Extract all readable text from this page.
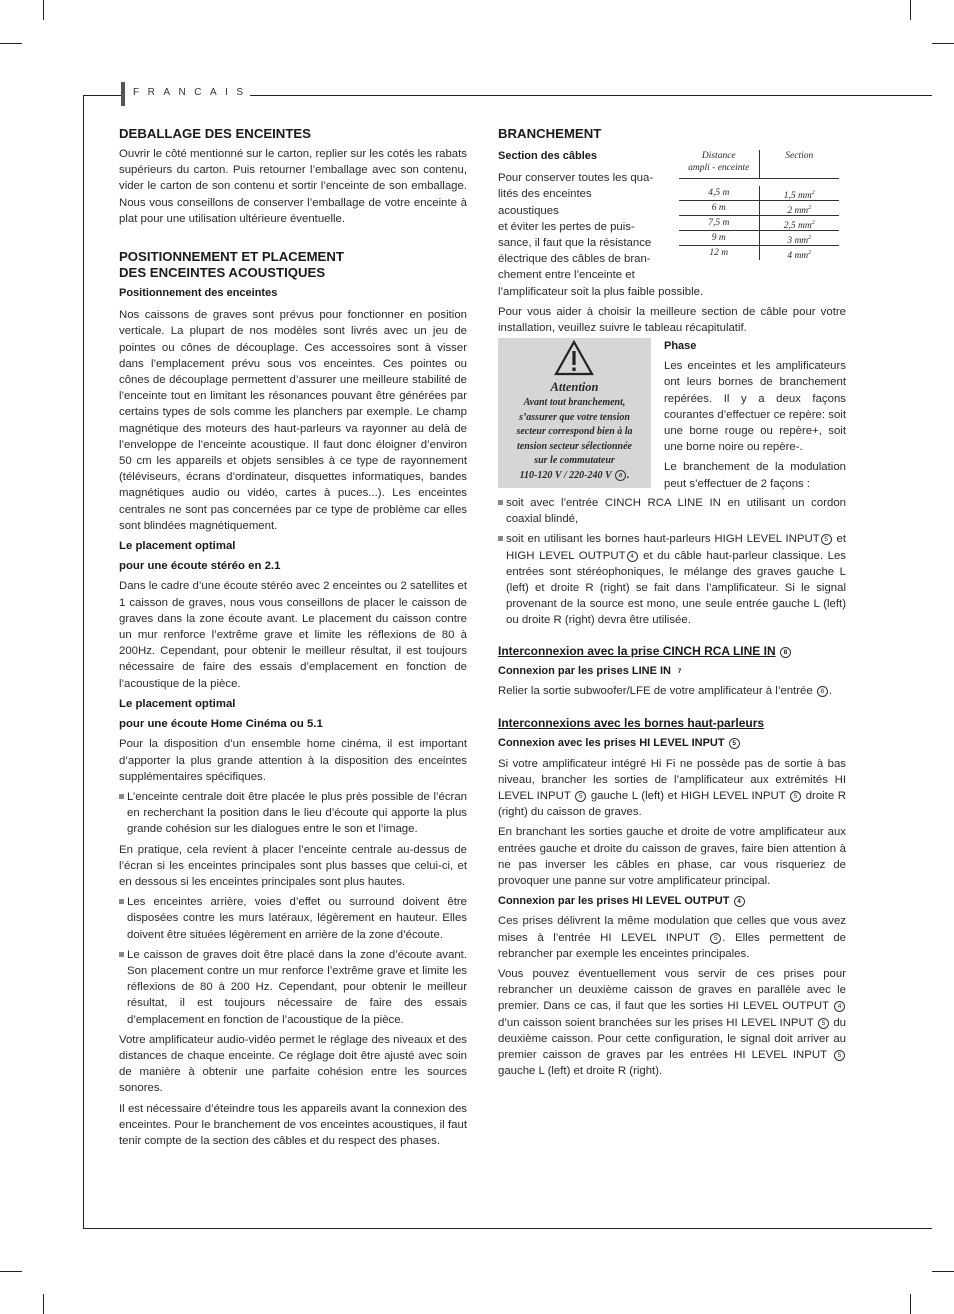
FRANCAIS
DEBALLAGE DES ENCEINTES

Ouvrir le côté mentionné sur le carton, replier sur les cotés les rabats supérieurs du carton. Puis retourner l’emballage avec son contenu, vider le carton de son contenu et sortir l’enceinte de son emballage. Nous vous conseillons de conserver l’emballage de votre enceinte à plat pour une utilisation ultérieure éventuelle.

POSITIONNEMENT ET PLACEMENT
DES ENCEINTES ACOUSTIQUES
Positionnement des enceintes

Nos caissons de graves sont prévus pour fonctionner en position verticale. La plupart de nos modèles sont livrés avec un jeu de pointes ou cônes de découplage. Ces accessoires sont à visser dans l’emplacement prévu sous vos enceintes. Ces pointes ou cônes de découplage permettent d’assurer une meilleure stabilité de l’enceinte tout en limitant les résonances pouvant être générées par certains types de sols comme les planchers par exemple. Le champ magnétique des moteurs des haut-parleurs va rayonner au delà de l’enveloppe de l’enceinte acoustique. Il faut donc éloigner d’environ 50 cm les appareils et objets sensibles à ce type de rayonnement (téléviseurs, écrans d’ordinateur, disquettes informatiques, bandes magnétiques audio ou vidéo, cartes à puces...). Les enceintes centrales ne sont pas concernées par ce type de problème car elles sont blindées magnétiquement.

Le placement optimal
pour une écoute stéréo en 2.1

Dans le cadre d’une écoute stéréo avec 2 enceintes ou 2 satellites et 1 caisson de graves, nous vous conseillons de placer le caisson de graves dans la zone écoute avant. Le placement du caisson contre un mur renforce l’extrême grave et limite les réflexions de 80 à 200Hz. Cependant, pour obtenir le meilleur résultat, il est toujours nécessaire de faire des essais d’emplacement en fonction de l’acoustique de la pièce.

Le placement optimal
pour une écoute Home Cinéma ou 5.1

Pour la disposition d’un ensemble home cinéma, il est important d’apporter la plus grande attention à la disposition des enceintes supplémentaires spécifiques.

L’enceinte centrale doit être placée le plus près possible de l’écran en recherchant la position dans le lieu d’écoute qui apporte la plus grande cohésion sur les dialogues entre le son et l’image.

En pratique, cela revient à placer l’enceinte centrale au-dessus de l’écran si les enceintes principales sont plus basses que celui-ci, et en dessous si les enceintes principales sont plus hautes.

Les enceintes arrière, voies d’effet ou surround doivent être disposées contre les murs latéraux, légèrement en hauteur. Elles doivent être situées légèrement en arrière de la zone d’écoute.
Le caisson de graves doit être placé dans la zone d’écoute avant. Son placement contre un mur renforce l’extrême grave et limite les réflexions de 80 à 200 Hz. Cependant, pour obtenir le meilleur résultat, il est toujours nécessaire de faire des essais d’emplacement en fonction de l’acoustique de la pièce.

Votre amplificateur audio-vidéo permet le réglage des niveaux et des distances de chaque enceinte. Ce réglage doit être ajusté avec soin de manière à obtenir une parfaite cohésion entre les sources sonores.

Il est nécessaire d’éteindre tous les appareils avant la connexion des enceintes. Pour le branchement de vos enceintes acoustiques, il faut tenir compte de la section des câbles et du respect des phases.

BRANCHEMENT
Section des câbles
Pour conserver toutes les qua-
lités des enceintes acoustiques
et éviter les pertes de puis-
sance, il faut que la résistance
électrique des câbles de bran-
chement entre l’enceinte et
l’amplificateur soit la plus faible possible.

Pour vous aider à choisir la meilleure section de câble pour votre installation, veuillez suivre le tableau récapitulatif.

Distance
ampli - enceinte
Section
4,5 m	1,5 $mm^2$
6 m	2 $mm^2$
7,5 m	2,5 $mm^2$
9 m	3 $mm^2$
12 m	4 $mm^2$
Attention
Avant tout branchement,
s’assurer que votre tension
secteur correspond bien à la
tension secteur sélectionnée
sur le commutateur
110-120 V / 220-240 V 8 .
Phase

Les enceintes et les amplificateurs ont leurs bornes de branchement repérées. Il y a deux façons courantes d’effectuer ce repère: soit une borne rouge ou repère+, soit une borne noire ou repère-.

Le branchement de la modulation peut s’effectuer de 2 façons :

soit avec l’entrée CINCH RCA LINE IN en utilisant un cordon coaxial blindé,
soit en utilisant les bornes haut-parleurs HIGH LEVEL INPUT 5 et HIGH LEVEL OUTPUT 4 et du câble haut-parleur classique. Les entrées sont stéréophoniques, le mélange des graves gauche L (left) et droite R (right) se fait dans l’amplificateur. Si le signal provenant de la source est mono, une seule entrée gauche L (left) ou droite R (right) devra être utilisée.
Interconnexion avec la prise CINCH RCA LINE IN 8
Connexion par les prises LINE IN 7

Relier la sortie subwoofer/LFE de votre amplificateur à l’entrée 8 .

Interconnexions avec les bornes haut-parleurs
Connexion avec les prises HI LEVEL INPUT 5

Si votre amplificateur intégré Hi Fi ne possède pas de sortie à bas niveau, brancher les sorties de l’amplificateur aux extrémités HI LEVEL INPUT 5 gauche L (left) et HIGH LEVEL INPUT 5 droite R (right) du caisson de graves.

En branchant les sorties gauche et droite de votre amplificateur aux entrées gauche et droite du caisson de graves, faire bien attention à ne pas inverser les câbles en phase, car vous risqueriez de provoquer une panne sur votre amplificateur principal.

Connexion par les prises HI LEVEL OUTPUT 4

Ces prises délivrent la même modulation que celles que vous avez mises à l’entrée HI LEVEL INPUT 5 . Elles permettent de rebrancher par exemple les enceintes principales.

Vous pouvez éventuellement vous servir de ces prises pour rebrancher un deuxième caisson de graves en parallèle avec le premier. Dans ce cas, il faut que les sorties HI LEVEL OUTPUT 4 d’un caisson soient branchées sur les prises HI LEVEL INPUT 5 du deuxième caisson. Pour cette configuration, le signal doit arriver au premier caisson de graves par les entrées HI LEVEL INPUT 5 gauche L (left) et droite R (right).
